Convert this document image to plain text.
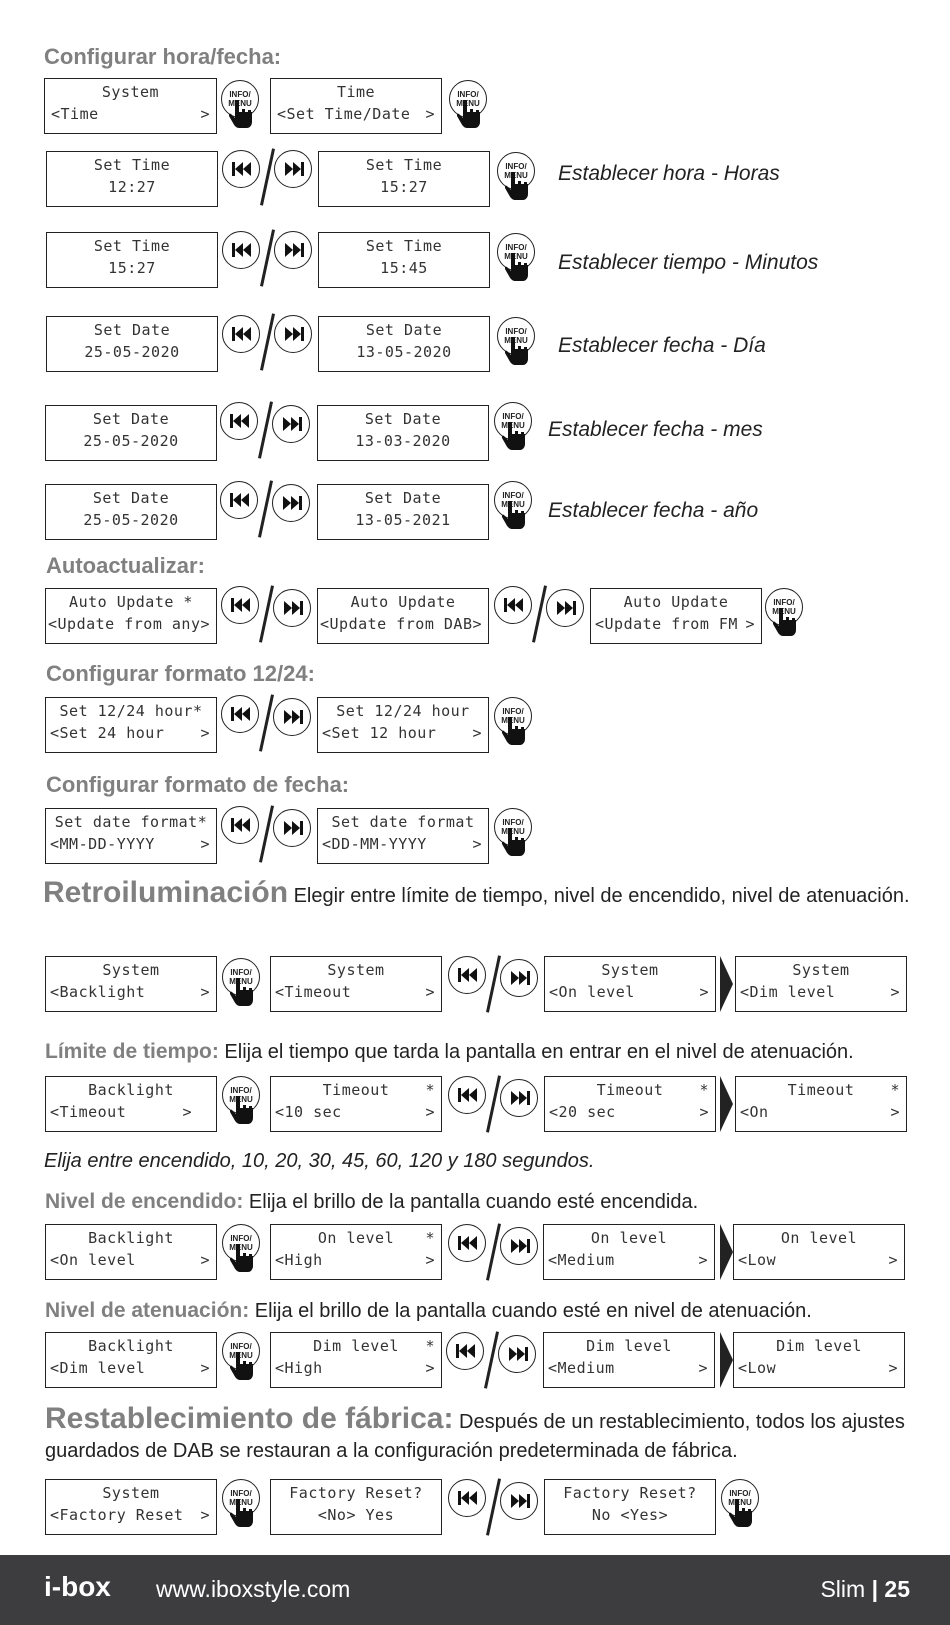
Configurar hora/fecha:
System
<Time	>
INFO/
MENU
Time
<Set Time/Date	>
INFO/
MENU
Set Time
12:27
Set Time
15:27
INFO/
MENU	Establecer hora - Horas
Set Time
15:27
Set Time
15:45
INFO/
MENU	Establecer tiempo - Minutos
Set Date
25-05-2020
Set Date
13-05-2020
INFO/
MENU	Establecer fecha - Día
Set Date
25-05-2020
Set Date
13-03-2020
INFO/
MENU	Establecer fecha - mes
Set Date
25-05-2020
Set Date
13-05-2021
INFO/
MENU	Establecer fecha - año
Autoactualizar:
Auto Update *
<Update from any>
Auto Update
<Update from DAB>
Auto Update
<Update from FM >
INFO/
MENU
Configurar formato 12/24:
Set 12/24 hour*
<Set 24 hour	>
Set 12/24 hour
<Set 12 hour	>
INFO/
MENU
Configurar formato de fecha:
Set date format*
<MM-DD-YYYY	>
Set date format
<DD-MM-YYYY	>
INFO/
MENU
Retroiluminación Elegir entre límite de tiempo, nivel de encendido, nivel de atenuación.
System
<Backlight	>
INFO/
MENU
System
<Timeout	>
System
<On level	>
System
<Dim level	>
Límite de tiempo: Elija el tiempo que tarda la pantalla en entrar en el nivel de atenuación.
Backlight
<Timeout	>
INFO/
MENU
Timeout	*
<10 sec	>
Timeout	*
<20 sec	>
Timeout	*
<On	>
Elija entre encendido, 10, 20, 30, 45, 60, 120 y 180 segundos.
Nivel de encendido: Elija el brillo de la pantalla cuando esté encendida.
Backlight
<On level	>
INFO/
MENU
On level	*
<High	>
On level
<Medium	>
On level
<Low	>
Nivel de atenuación: Elija el brillo de la pantalla cuando esté en nivel de atenuación.
Backlight
<Dim level	>
INFO/
MENU
Dim level	*
<High	>
Dim level
<Medium	>
Dim level
<Low	>
Restablecimiento de fábrica: Después de un restablecimiento, todos los ajustes guardados de DAB se restauran a la configuración predeterminada de fábrica.
System
<Factory Reset	>
INFO/
MENU
Factory Reset?
<No> Yes
Factory Reset?
No <Yes>
INFO/
MENU
i-box www.iboxstyle.com	Slim | 25
